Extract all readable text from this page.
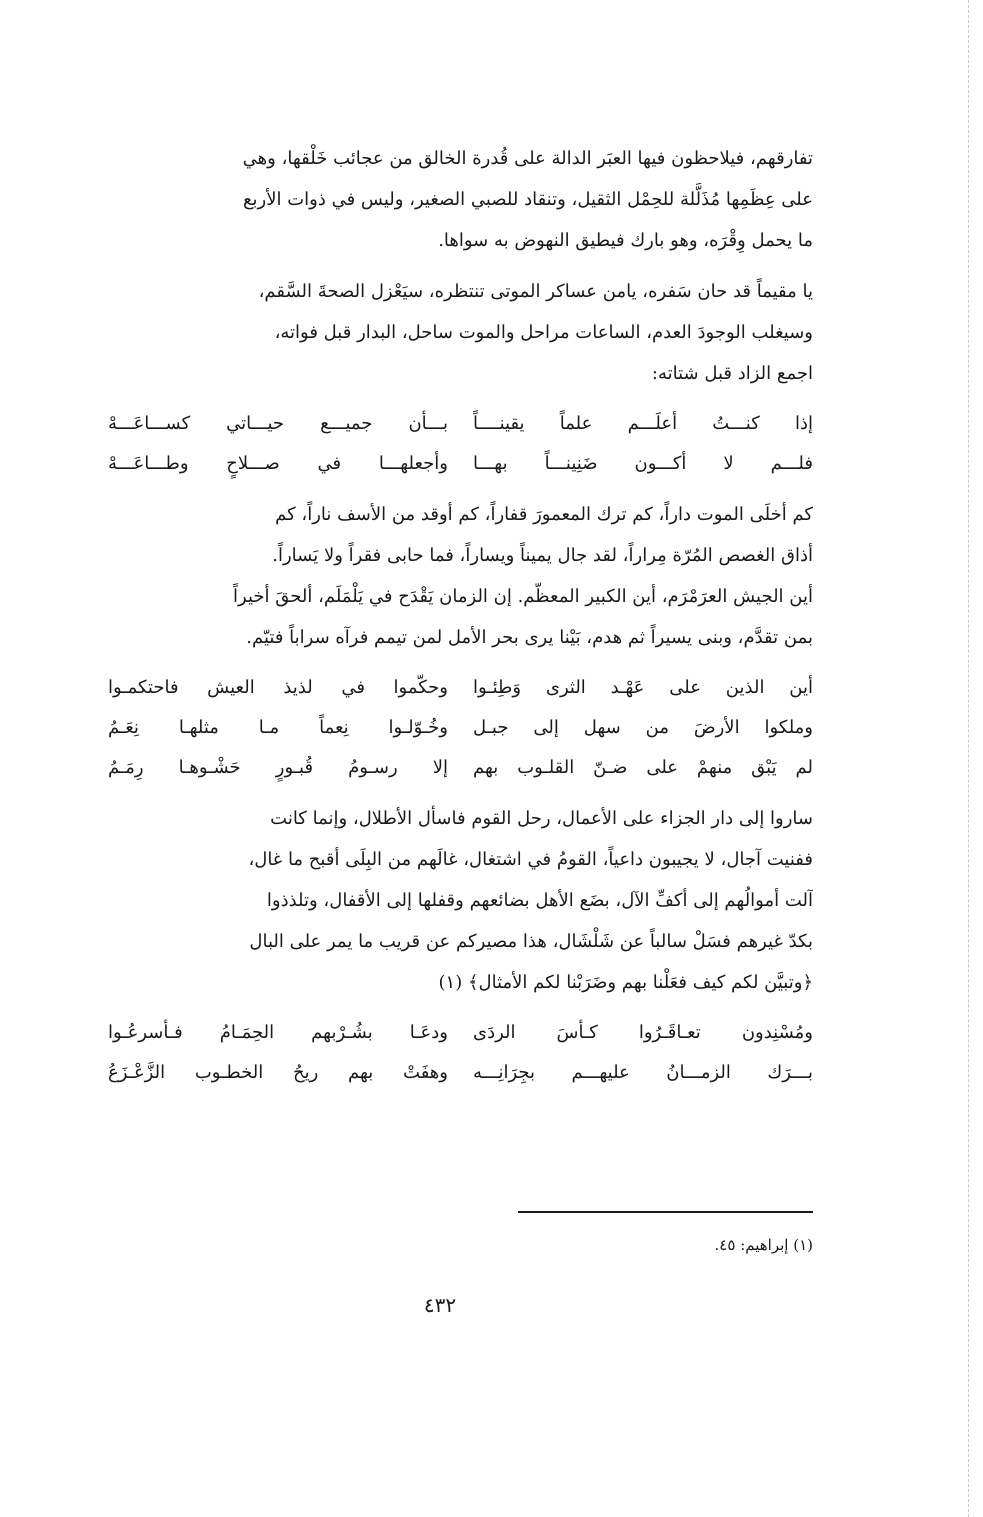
تفارقهم، فيلاحظون فيها العبَر الدالة على قُدرة الخالق من عجائب خَلْقها، وهي
على عِظَمِها مُذَلَّلة للحِمْل الثقيل، وتنقاد للصبي الصغير، وليس في ذوات الأربع
ما يحمل وِقْرَه، وهو بارك فيطيق النهوض به سواها.
يا مقيماً قد حان سَفره، يامن عساكر الموتى تنتظره، سيَعْزل الصحةَ السَّقم،
وسيغلب الوجودَ العدم، الساعات مراحل والموت ساحل، البدار قبل فواته،
اجمع الزاد قبل شتاته:
إذا كنـــتُ أعلَـــم علماً يقينــــاً
بـــأن جميـــع حيـــاتي كســـاعَـــهْ
فلـــم لا أكـــون ضَنِينـــاً بهـــا
وأجعلهـــا في صـــلاحٍ وطـــاعَـــهْ
كم أخلَى الموت داراً، كم ترك المعمورَ قفاراً، كم أوقد من الأسف ناراً، كم
أذاق الغصص المُرّة مِراراً، لقد جال يميناً ويساراً، فما حابى فقراً ولا يَساراً.
أين الجيش العرَمْرَم، أين الكبير المعظّم. إن الزمان يَقْدَح في يَلْمَلَم، ألحقَ أخيراً
بمن تقدَّم، وبنى يسيراً ثم هدم، بَيْنا يرى بحر الأمل لمن تيمم فرآه سراباً فتيّم.
أين الذين على عَهْـد الثرى وَطِئـوا
وحكّموا في لذيذ العيش فاحتكمـوا
وملكوا الأرضَ من سهل إلى جبـل
وخُـوّلـوا نِعماً مـا مثلهـا نِعَـمُ
لم يَبْق منهمْ على ضـنّ القلـوب بهم
إلا رسـومُ قُبـورٍ حَشْـوهـا رِمَـمُ
ساروا إلى دار الجزاء على الأعمال، رحل القوم فاسأل الأطلال، وإنما كانت
ففنيت آجال، لا يجيبون داعياً، القومُ في اشتغال، غالَهم من البِلَى أقبح ما غال،
آلت أموالُهم إلى أكفِّ الآل، بضَع الأهل بضائعهم وقفلها إلى الأقفال، وتلذذوا
بكدّ غيرهم فسَلْ سالباً عن شَلْشَال، هذا مصيركم عن قريب ما يمر على البال
﴿وتبيَّن لكم كيف فعَلْنا بهم وضَرَبْنا لكم الأمثال﴾ (١)
ومُسْنِدون تعـاقَـرُوا كـأسَ الردَى
ودعَـا بشُـرْبهم الحِمَـامُ فـأسرعُـوا
بـــرَك الزمـــانُ عليهـــم بجِرَانِـــه
وهفَتْ بهم ريحُ الخطـوب الزَّعْـزَعُ
(١) إبراهيم: ٤٥.
٤٣٢
